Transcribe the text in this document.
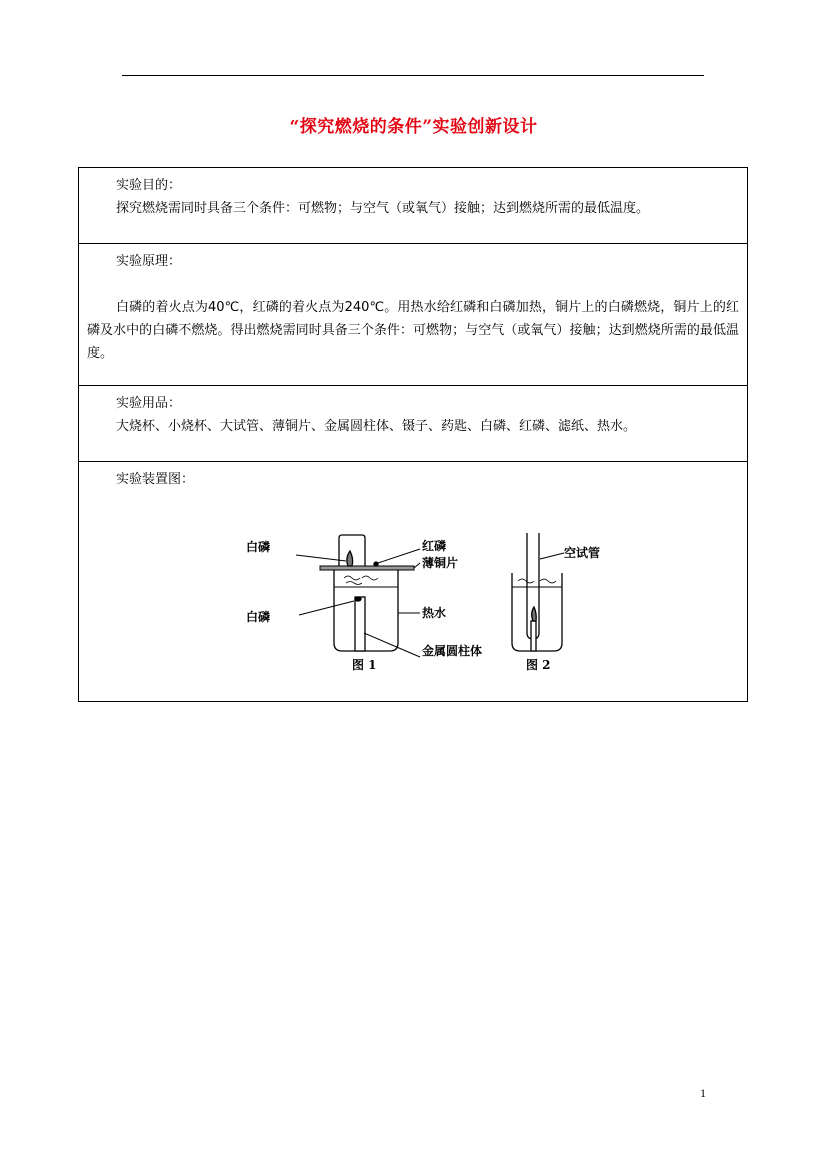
“探究燃烧的条件”实验创新设计
实验目的：
探究燃烧需同时具备三个条件：可燃物；与空气（或氧气）接触；达到燃烧所需的最低温度。

实验原理：
白磷的着火点为40℃，红磷的着火点为240℃。用热水给红磷和白磷加热，铜片上的白磷燃烧，铜片上的红磷及水中的白磷不燃烧。得出燃烧需同时具备三个条件：可燃物；与空气（或氧气）接触；达到燃烧所需的最低温度。

实验用品：
大烧杯、小烧杯、大试管、薄铜片、金属圆柱体、镊子、药匙、白磷、红磷、滤纸、热水。

实验装置图：
白磷	红磷
薄铜片
白磷	热水
金属圆柱体
图 1
空试管
图 2
1
